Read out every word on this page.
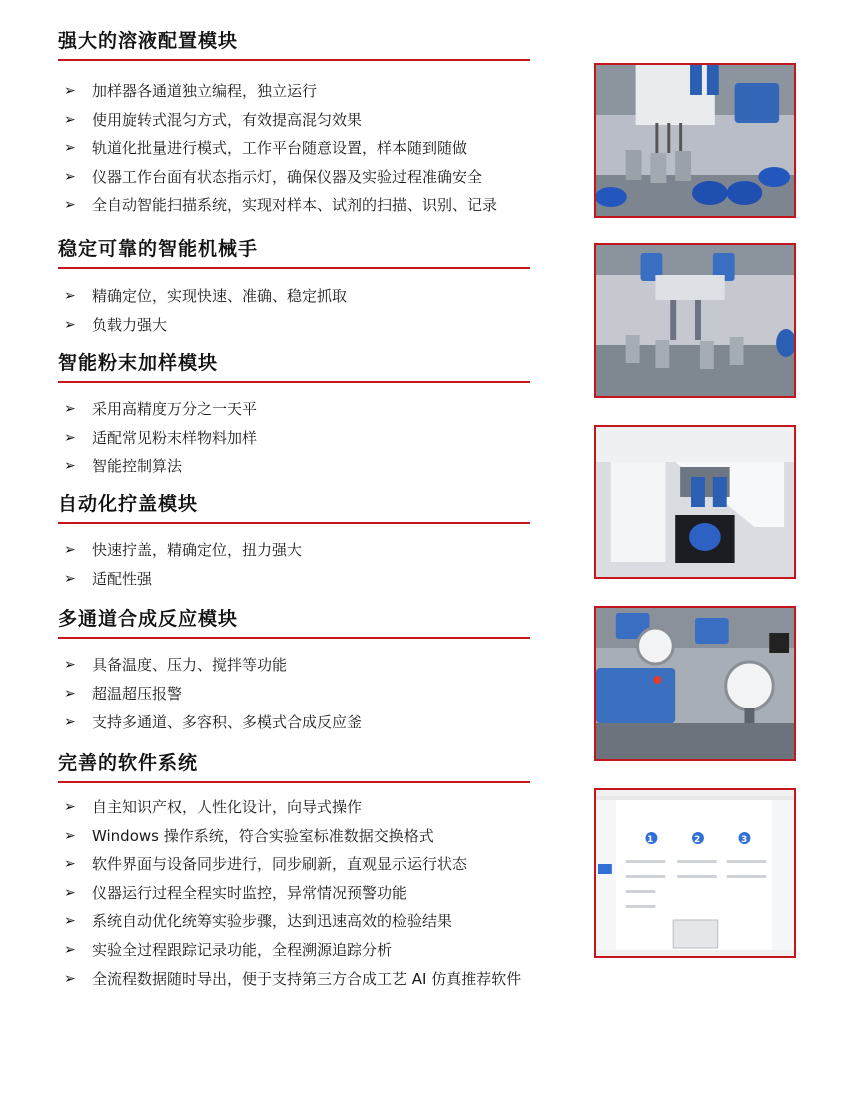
强大的溶液配置模块
➢	加样器各通道独立编程，独立运行
➢	使用旋转式混匀方式，有效提高混匀效果
➢	轨道化批量进行模式，工作平台随意设置，样本随到随做
➢	仪器工作台面有状态指示灯，确保仪器及实验过程准确安全
➢	全自动智能扫描系统，实现对样本、试剂的扫描、识别、记录
稳定可靠的智能机械手
➢	精确定位，实现快速、准确、稳定抓取
➢	负载力强大
智能粉末加样模块
➢	采用高精度万分之一天平
➢	适配常见粉末样物料加样
➢	智能控制算法
自动化拧盖模块
➢	快速拧盖，精确定位，扭力强大
➢	适配性强
多通道合成反应模块
➢	具备温度、压力、搅拌等功能
➢	超温超压报警
➢	支持多通道、多容积、多模式合成反应釜
完善的软件系统
➢	自主知识产权，人性化设计，向导式操作
➢	Windows 操作系统，符合实验室标准数据交换格式
➢	软件界面与设备同步进行，同步刷新，直观显示运行状态
➢	仪器运行过程全程实时监控，异常情况预警功能
➢	系统自动优化统筹实验步骤，达到迅速高效的检验结果
➢	实验全过程跟踪记录功能，全程溯源追踪分析
➢	全流程数据随时导出，便于支持第三方合成工艺 AI 仿真推荐软件
1	2	3
